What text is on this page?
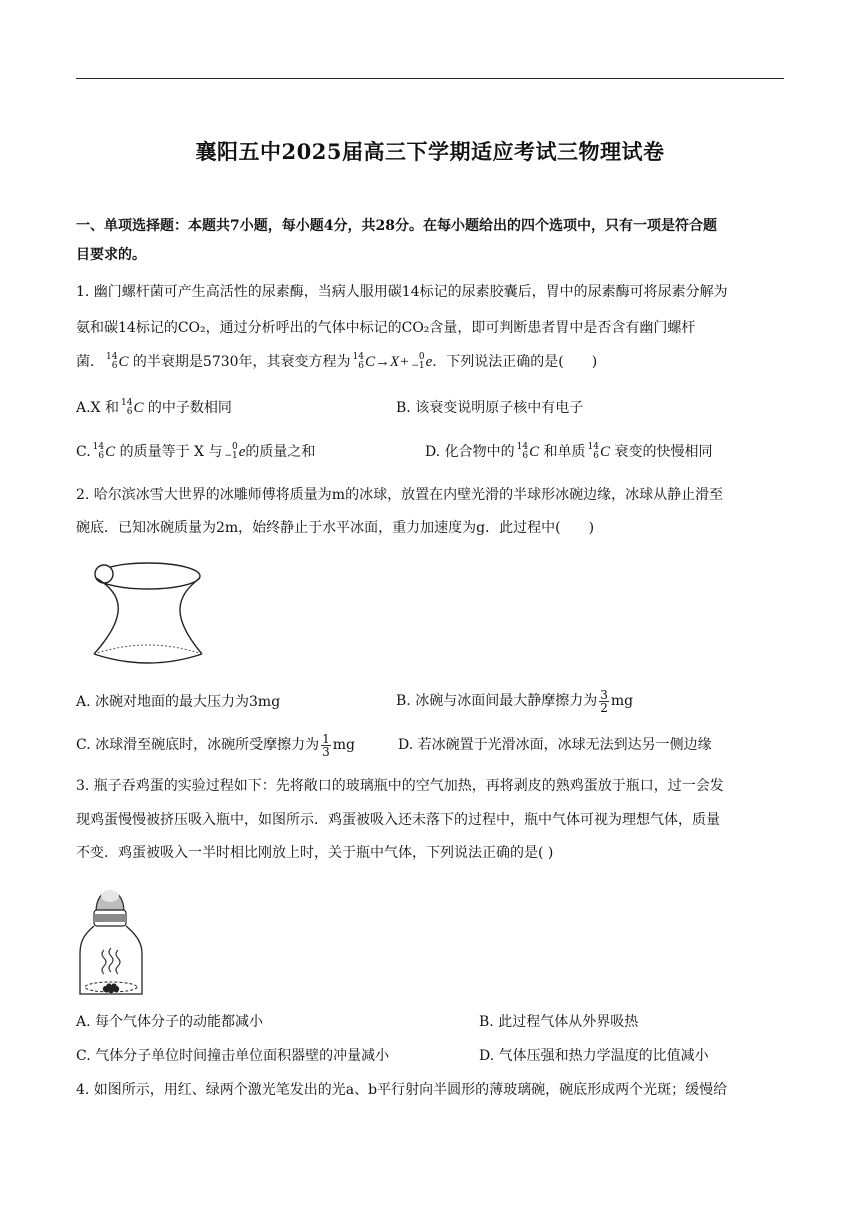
襄阳五中2025届高三下学期适应考试三物理试卷
一、单项选择题：本题共7小题，每小题4分，共28分。在每小题给出的四个选项中，只有一项是符合题
目要求的。
1. 幽门螺杆菌可产生高活性的尿素酶，当病人服用碳14标记的尿素胶囊后，胃中的尿素酶可将尿素分解为
氨和碳14标记的CO₂，通过分析呼出的气体中标记的CO₂含量，即可判断患者胃中是否含有幽门螺杆
菌． 14
6 C 的半衰期是5730年，其衰变方程为 14
6 C→X+	0
−1 e．下列说法正确的是(　　)
A.X 和 14
6 C 的中子数相同	B. 该衰变说明原子核中有电子
C. 14
6 C 的质量等于 X 与	0
−1 e的质量之和	D. 化合物中的 14
6 C 和单质 14
6 C 衰变的快慢相同
2. 哈尔滨冰雪大世界的冰雕师傅将质量为m的冰球，放置在内壁光滑的半球形冰碗边缘，冰球从静止滑至
碗底．已知冰碗质量为2m，始终静止于水平冰面，重力加速度为g．此过程中(　　)
A. 冰碗对地面的最大压力为3mg	B. 冰碗与冰面间最大静摩擦力为 $\frac{3}{2}$ mg
C. 冰球滑至碗底时，冰碗所受摩擦力为 $\frac{1}{3}$ mg	D. 若冰碗置于光滑冰面，冰球无法到达另一侧边缘
3. 瓶子吞鸡蛋的实验过程如下：先将敞口的玻璃瓶中的空气加热，再将剥皮的熟鸡蛋放于瓶口，过一会发
现鸡蛋慢慢被挤压吸入瓶中，如图所示．鸡蛋被吸入还未落下的过程中，瓶中气体可视为理想气体，质量
不变．鸡蛋被吸入一半时相比刚放上时，关于瓶中气体，下列说法正确的是( )
A. 每个气体分子的动能都减小	B. 此过程气体从外界吸热
C. 气体分子单位时间撞击单位面积器壁的冲量减小	D. 气体压强和热力学温度的比值减小
4. 如图所示，用红、绿两个激光笔发出的光a、b平行射向半圆形的薄玻璃碗，碗底形成两个光斑；缓慢给
